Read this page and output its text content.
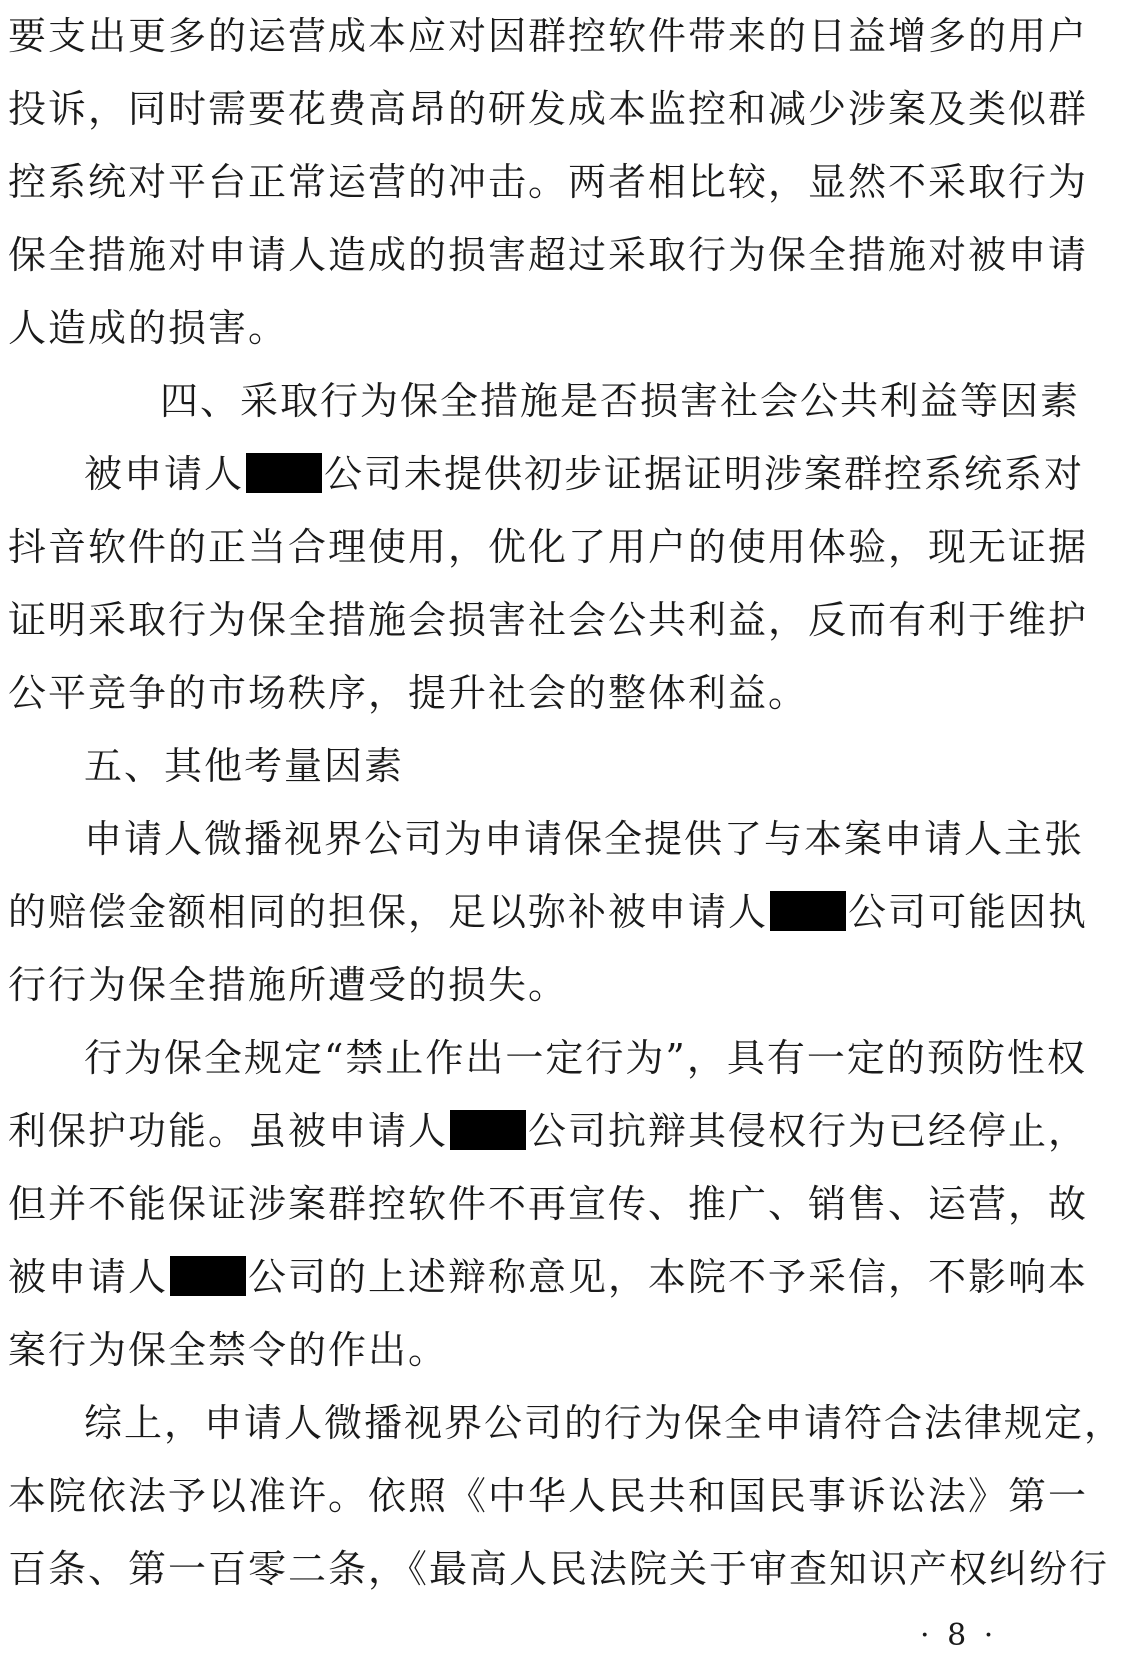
要支出更多的运营成本应对因群控软件带来的日益增多的用户
投诉，同时需要花费高昂的研发成本监控和减少涉案及类似群
控系统对平台正常运营的冲击。两者相比较，显然不采取行为
保全措施对申请人造成的损害超过采取行为保全措施对被申请
人造成的损害。
四、采取行为保全措施是否损害社会公共利益等因素
被申请人 公司未提供初步证据证明涉案群控系统系对
抖音软件的正当合理使用，优化了用户的使用体验，现无证据
证明采取行为保全措施会损害社会公共利益，反而有利于维护
公平竞争的市场秩序，提升社会的整体利益。
五、其他考量因素
申请人微播视界公司为申请保全提供了与本案申请人主张
的赔偿金额相同的担保，足以弥补被申请人 公司可能因执
行行为保全措施所遭受的损失。
行为保全规定“禁止作出一定行为”，具有一定的预防性权
利保护功能。虽被申请人 公司抗辩其侵权行为已经停止，
但并不能保证涉案群控软件不再宣传、推广、销售、运营，故
被申请人 公司的上述辩称意见，本院不予采信，不影响本
案行为保全禁令的作出。
综上，申请人微播视界公司的行为保全申请符合法律规定，
本院依法予以准许。依照《中华人民共和国民事诉讼法》第一
百条、第一百零二条，《最高人民法院关于审查知识产权纠纷行
· 8 ·
